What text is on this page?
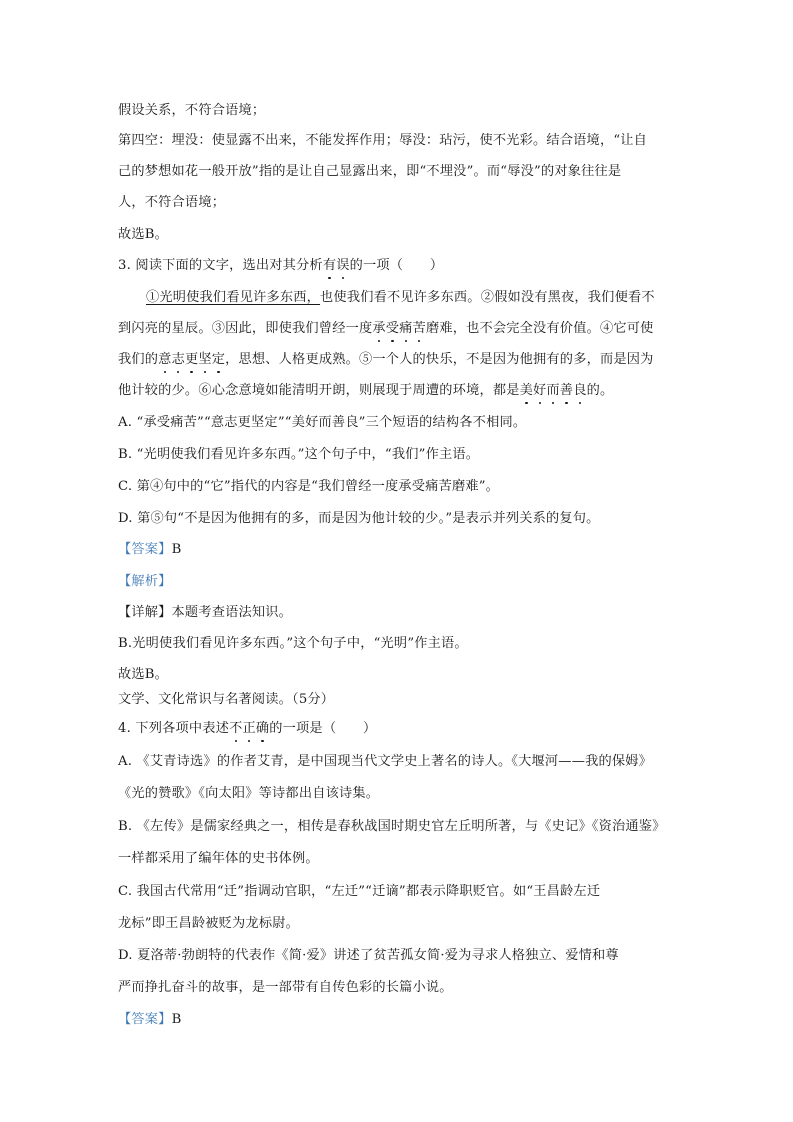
假设关系，不符合语境；
第四空：埋没：使显露不出来，不能发挥作用；辱没：玷污，使不光彩。结合语境，“让自
己的梦想如花一般开放”指的是让自己显露出来，即“不埋没”。而“辱没”的对象往往是
人，不符合语境；
故选B。
3. 阅读下面的文字，选出对其分析有误的一项（　　）
①光明使我们看见许多东西，也使我们看不见许多东西。②假如没有黑夜，我们便看不
到闪亮的星辰。③因此，即使我们曾经一度承受痛苦磨难，也不会完全没有价值。④它可使
我们的意志更坚定，思想、人格更成熟。⑤一个人的快乐，不是因为他拥有的多，而是因为
他计较的少。⑥心念意境如能清明开朗，则展现于周遭的环境，都是美好而善良的。
A. “承受痛苦”“意志更坚定”“美好而善良”三个短语的结构各不相同。
B. “光明使我们看见许多东西。”这个句子中，“我们”作主语。
C. 第④句中的“它”指代的内容是“我们曾经一度承受痛苦磨难”。
D. 第⑤句“不是因为他拥有的多，而是因为他计较的少。”是表示并列关系的复句。
【答案】B
【解析】
【详解】本题考查语法知识。
B.光明使我们看见许多东西。”这个句子中，“光明”作主语。
故选B。
文学、文化常识与名著阅读。（5分）
4. 下列各项中表述不正确的一项是（　　）
A. 《艾青诗选》的作者艾青，是中国现当代文学史上著名的诗人。《大堰河——我的保姆》
《光的赞歌》《向太阳》等诗都出自该诗集。
B. 《左传》是儒家经典之一，相传是春秋战国时期史官左丘明所著，与《史记》《资治通鉴》
一样都采用了编年体的史书体例。
C. 我国古代常用“迁”指调动官职，“左迁”“迁谪”都表示降职贬官。如“王昌龄左迁
龙标”即王昌龄被贬为龙标尉。
D. 夏洛蒂·勃朗特的代表作《简·爱》讲述了贫苦孤女简·爱为寻求人格独立、爱情和尊
严而挣扎奋斗的故事，是一部带有自传色彩的长篇小说。
【答案】B
